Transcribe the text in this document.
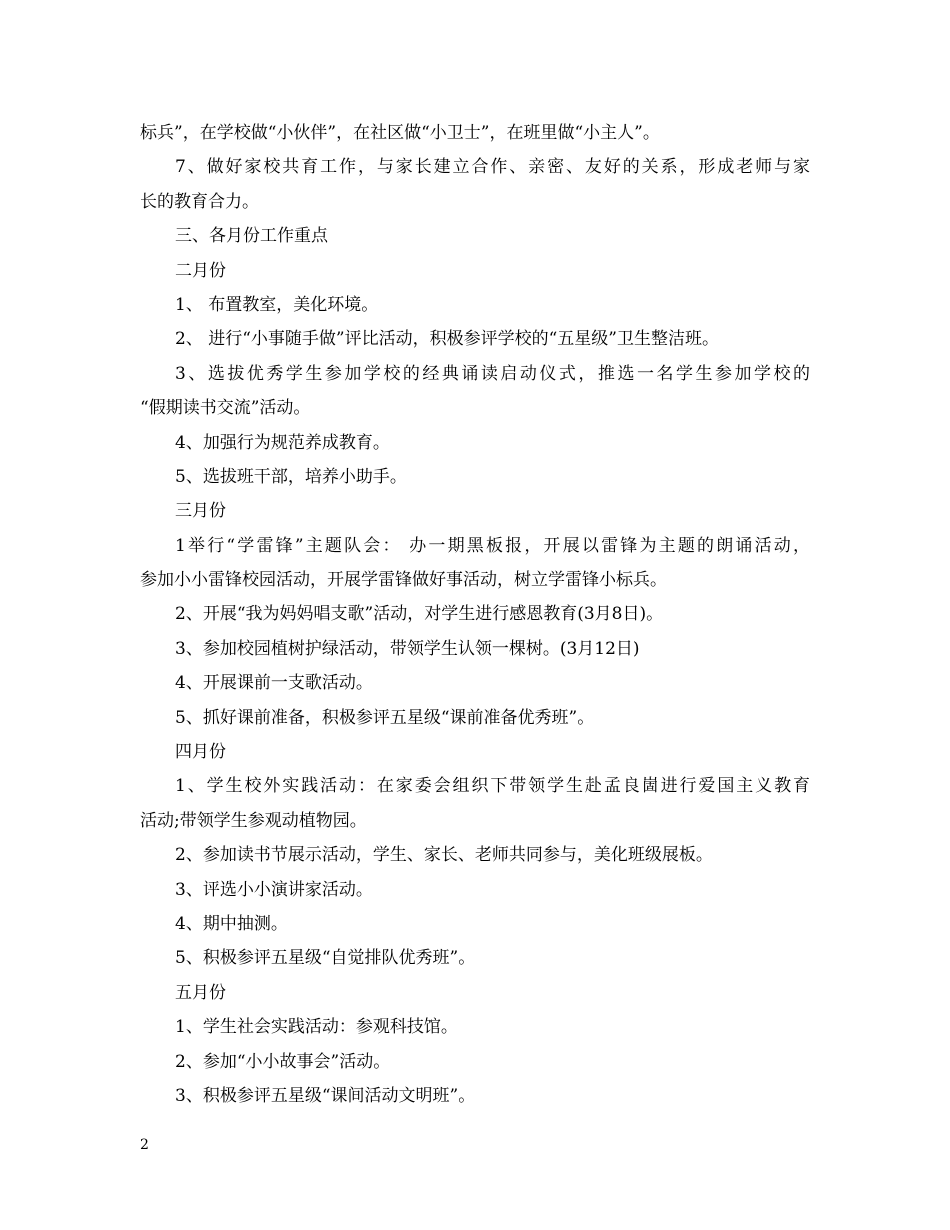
标兵”，在学校做“小伙伴”，在社区做“小卫士”，在班里做“小主人”。

7、做好家校共育工作，与家长建立合作、亲密、友好的关系，形成老师与家

长的教育合力。

三、各月份工作重点

二月份

1、 布置教室，美化环境。

2、 进行“小事随手做”评比活动，积极参评学校的“五星级”卫生整洁班。

3、选拔优秀学生参加学校的经典诵读启动仪式，推选一名学生参加学校的

“假期读书交流”活动。

4、加强行为规范养成教育。

5、选拔班干部，培养小助手。

三月份

1举行“学雷锋”主题队会： 办一期黑板报，开展以雷锋为主题的朗诵活动，

参加小小雷锋校园活动，开展学雷锋做好事活动，树立学雷锋小标兵。

2、开展“我为妈妈唱支歌”活动，对学生进行感恩教育(3月8日)。

3、参加校园植树护绿活动，带领学生认领一棵树。(3月12日)

4、开展课前一支歌活动。

5、抓好课前准备，积极参评五星级“课前准备优秀班”。

四月份

1、学生校外实践活动：在家委会组织下带领学生赴孟良崮进行爱国主义教育

活动;带领学生参观动植物园。

2、参加读书节展示活动，学生、家长、老师共同参与，美化班级展板。

3、评选小小演讲家活动。

4、期中抽测。

5、积极参评五星级“自觉排队优秀班”。

五月份

1、学生社会实践活动：参观科技馆。

2、参加“小小故事会”活动。

3、积极参评五星级“课间活动文明班”。

2
